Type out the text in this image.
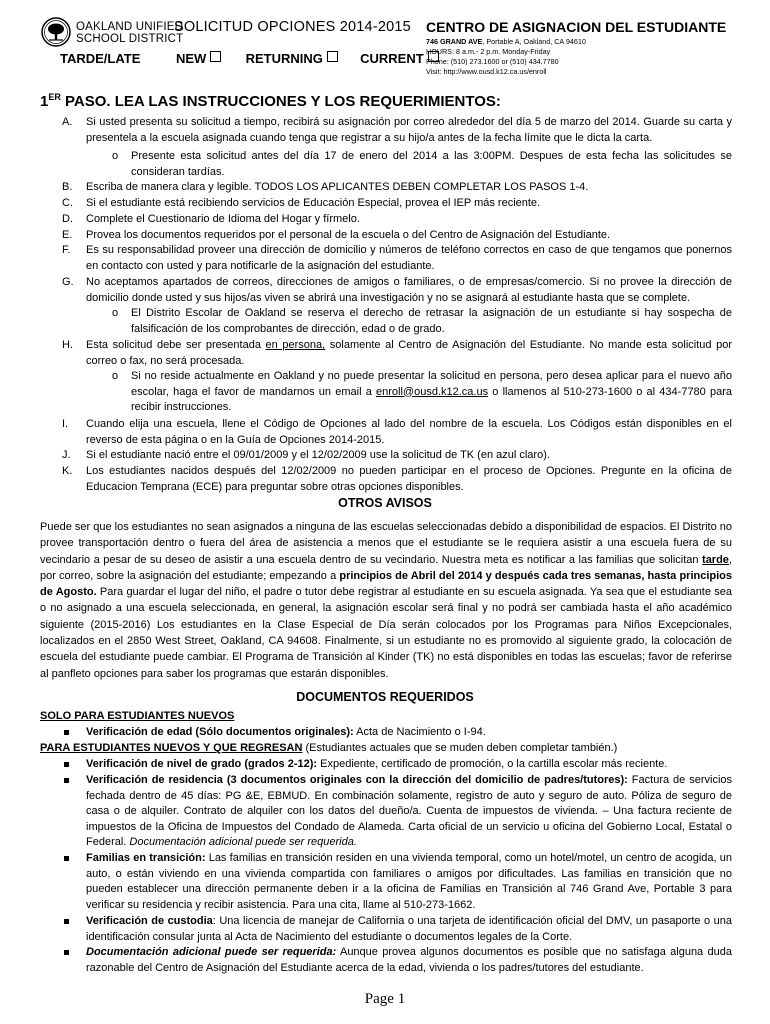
OAKLAND UNIFIED
SCHOOL DISTRICT
TARDE/LATE
SOLICITUD OPCIONES 2014-2015
NEW	RETURNING	CURRENT
CENTRO DE ASIGNACION DEL ESTUDIANTE
746 GRAND AVE, Portable A, Oakland, CA 94610
HOURS: 8 a.m.- 2 p.m. Monday-Friday
Phone: (510) 273.1600 or (510) 434.7780
Visit: http://www.ousd.k12.ca.us/enroll
1ER PASO. LEA LAS INSTRUCCIONES Y LOS REQUERIMIENTOS:
A. Si usted presenta su solicitud a tiempo, recibirá su asignación por correo alrededor del día 5 de marzo del 2014. Guarde su carta y presentela a la escuela asignada cuando tenga que registrar a su hijo/a antes de la fecha límite que le dicta la carta.
o Presente esta solicitud antes del día 17 de enero del 2014 a las 3:00PM. Despues de esta fecha las solicitudes se consideran tardías.
B. Escriba de manera clara y legible. TODOS LOS APLICANTES DEBEN COMPLETAR LOS PASOS 1-4.
C. Si el estudiante está recibiendo servicios de Educación Especial, provea el IEP más reciente.
D. Complete el Cuestionario de Idioma del Hogar y fírmelo.
E. Provea los documentos requeridos por el personal de la escuela o del Centro de Asignación del Estudiante.
F. Es su responsabilidad proveer una dirección de domicilio y números de teléfono correctos en caso de que tengamos que ponernos en contacto con usted y para notificarle de la asignación del estudiante.
G. No aceptamos apartados de correos, direcciones de amigos o familiares, o de empresas/comercio. Si no provee la dirección de domicilio donde usted y sus hijos/as viven se abrirá una investigación y no se asignará al estudiante hasta que se complete.
o El Distrito Escolar de Oakland se reserva el derecho de retrasar la asignación de un estudiante si hay sospecha de falsificación de los comprobantes de dirección, edad o de grado.
H. Esta solicitud debe ser presentada en persona, solamente al Centro de Asignación del Estudiante. No mande esta solicitud por correo o fax, no será procesada.
o Si no reside actualmente en Oakland y no puede presentar la solicitud en persona, pero desea aplicar para el nuevo año escolar, haga el favor de mandarnos un email a enroll@ousd.k12.ca.us o llamenos al 510-273-1600 o al 434-7780 para recibir instrucciones.
I. Cuando elija una escuela, llene el Código de Opciones al lado del nombre de la escuela. Los Códigos están disponibles en el reverso de esta página o en la Guía de Opciones 2014-2015.
J. Si el estudiante nació entre el 09/01/2009 y el 12/02/2009 use la solicitud de TK (en azul claro).
K. Los estudiantes nacidos después del 12/02/2009 no pueden participar en el proceso de Opciones. Pregunte en la oficina de Educacion Temprana (ECE) para preguntar sobre otras opciones disponibles.
OTROS AVISOS
Puede ser que los estudiantes no sean asignados a ninguna de las escuelas seleccionadas debido a disponibilidad de espacios. El Distrito no provee transportación dentro o fuera del área de asistencia a menos que el estudiante se le requiera asistir a una escuela fuera de su vecindario a pesar de su deseo de asistir a una escuela dentro de su vecindario. Nuestra meta es notificar a las familias que solicitan tarde, por correo, sobre la asignación del estudiante; empezando a principios de Abril del 2014 y después cada tres semanas, hasta principios de Agosto. Para guardar el lugar del niño, el padre o tutor debe registrar al estudiante en su escuela asignada. Ya sea que el estudiante sea o no asignado a una escuela seleccionada, en general, la asignación escolar será final y no podrá ser cambiada hasta el año académico siguiente (2015-2016) Los estudiantes en la Clase Especial de Día serán colocados por los Programas para Niños Excepcionales, localizados en el 2850 West Street, Oakland, CA 94608. Finalmente, si un estudiante no es promovido al siguiente grado, la colocación de escuela del estudiante puede cambiar. El Programa de Transición al Kinder (TK) no está disponibles en todas las escuelas; favor de referirse al panfleto opciones para saber los programas que estarán disponibles.
DOCUMENTOS REQUERIDOS
SOLO PARA ESTUDIANTES NUEVOS
Verificación de edad (Sólo documentos originales): Acta de Nacimiento o I-94.
PARA ESTUDIANTES NUEVOS Y QUE REGRESAN (Estudiantes actuales que se muden deben completar también.)
Verificación de nivel de grado (grados 2-12): Expediente, certificado de promoción, o la cartilla escolar más reciente.
Verificación de residencia (3 documentos originales con la dirección del domicilio de padres/tutores): Factura de servicios fechada dentro de 45 días: PG &E, EBMUD. En combinación solamente, registro de auto y seguro de auto. Póliza de seguro de casa o de alquiler. Contrato de alquiler con los datos del dueño/a. Cuenta de impuestos de vivienda. – Una factura reciente de impuestos de la Oficina de Impuestos del Condado de Alameda. Carta oficial de un servicio u oficina del Gobierno Local, Estatal o Federal. Documentación adicional puede ser requerida.
Familias en transición: Las familias en transición residen en una vivienda temporal, como un hotel/motel, un centro de acogida, un auto, o están viviendo en una vivienda compartida con familiares o amigos por dificultades. Las familias en transición que no pueden establecer una dirección permanente deben ir a la oficina de Familias en Transición al 746 Grand Ave, Portable 3 para verificar su residencia y recibir asistencia. Para una cita, llame al 510-273-1662.
Verificación de custodia: Una licencia de manejar de California o una tarjeta de identificación oficial del DMV, un pasaporte o una identificación consular junta al Acta de Nacimiento del estudiante o documentos legales de la Corte.
Documentación adicional puede ser requerida: Aunque provea algunos documentos es posible que no satisfaga alguna duda razonable del Centro de Asignación del Estudiante acerca de la edad, vivienda o los padres/tutores del estudiante.
Page 1
